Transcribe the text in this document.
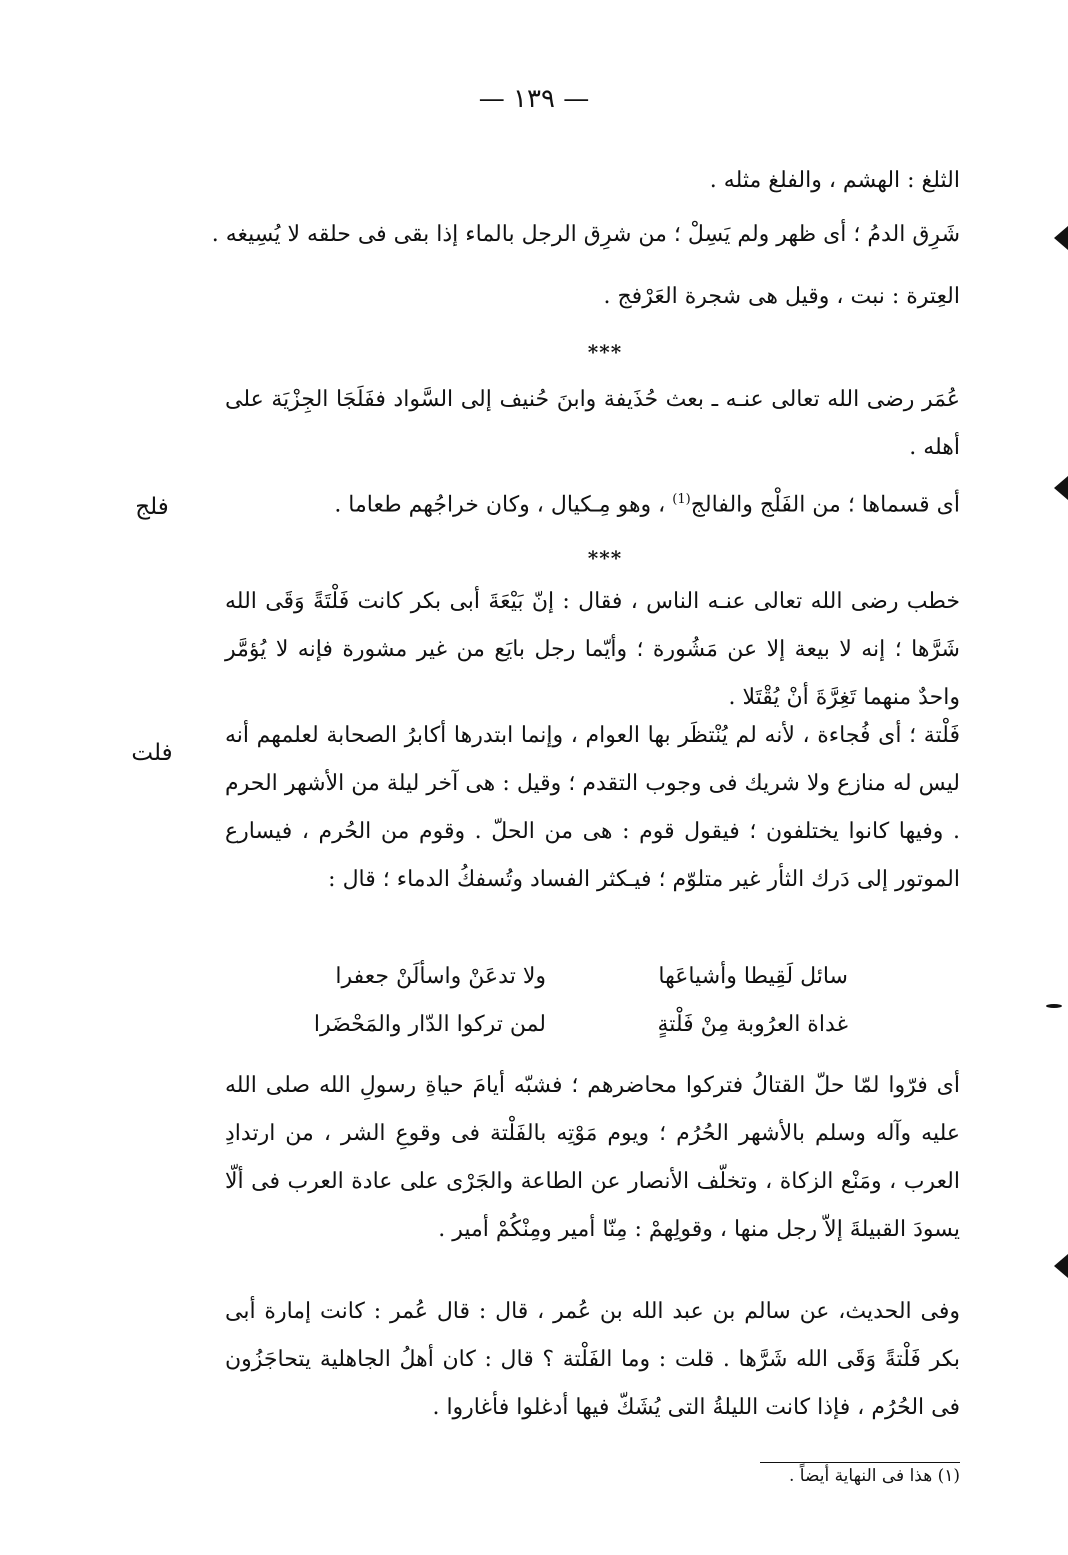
— ١٣٩ —
الثلغ : الهشم ، والفلغ مثله .
شَرِق الدمُ ؛ أى ظهر ولم يَسِلْ ؛ من شرِق الرجل بالماء إذا بقى فى حلقه لا يُسِيغه .
العِترة : نبت ، وقيل هى شجرة العَرْفج .
***
عُمَر رضى الله تعالى عنـه ـ بعث حُذَيفة وابنَ حُنيف إلى السَّواد ففَلَجَا الجِزْيَة على أهله .
أى قسماها ؛ من الفَلْج والفالج$^{(1)}$ ، وهو مِـكيال ، وكان خراجُهم طعاما .
فلج
***
خطب رضى الله تعالى عنـه الناس ، فقال : إنّ بَيْعَةَ أبى بكر كانت فَلْتَةً وَقَى الله شَرَّها ؛ إنه لا بيعة إلا عن مَشُورة ؛ وأيّما رجل بايَع من غير مشورة فإنه لا يُؤمَّر واحدٌ منهما تَغِرَّةَ أنْ يُقْتَلا .
فَلْتة ؛ أى فُجاءة ، لأنه لم يُنْتظَر بها العوام ، وإنما ابتدرها أكابرُ الصحابة لعلمهم أنه ليس له منازع ولا شريك فى وجوب التقدم ؛ وقيل : هى آخر ليلة من الأشهر الحرم . وفيها كانوا يختلفون ؛ فيقول قوم : هى من الحلّ . وقوم من الحُرم ، فيسارع الموتور إلى دَرك الثأر غير متلوّم ؛ فيـكثر الفساد وتُسفكُ الدماء ؛ قال :
فلت
سائل لَقِيطا وأشياعَها
ولا تدعَنْ واسألَنْ جعفرا
غداة العرُوبة مِنْ فَلْتةٍ
لمن تركوا الدّار والمَحْضَرا
أى فرّوا لمّا حلّ القتالُ فتركوا محاضرهم ؛ فشبّه أيامَ حياةِ رسولِ الله صلى الله عليه وآله وسلم بالأشهر الحُرُم ؛ ويوم مَوْتِه بالفَلْتة فى وقوعِ الشر ، من ارتدادِ العرب ، ومَنْع الزكاة ، وتخلّف الأنصار عن الطاعة والجَرْى على عادة العرب فى ألّا يسودَ القبيلةَ إلاّ رجل منها ، وقولِهمْ : مِنّا أمير ومِنْكُمْ أمير .
وفى الحديث، عن سالم بن عبد الله بن عُمر ، قال : قال عُمر : كانت إمارة أبى بكر فَلْتةً وَقَى الله شَرَّها . قلت : وما الفَلْتة ؟ قال : كان أهلُ الجاهلية يتحاجَزُون فى الحُرُم ، فإذا كانت الليلةُ التى يُشَكّ فيها أدغلوا فأغاروا .
(١) هذا فى النهاية أيضاً .
